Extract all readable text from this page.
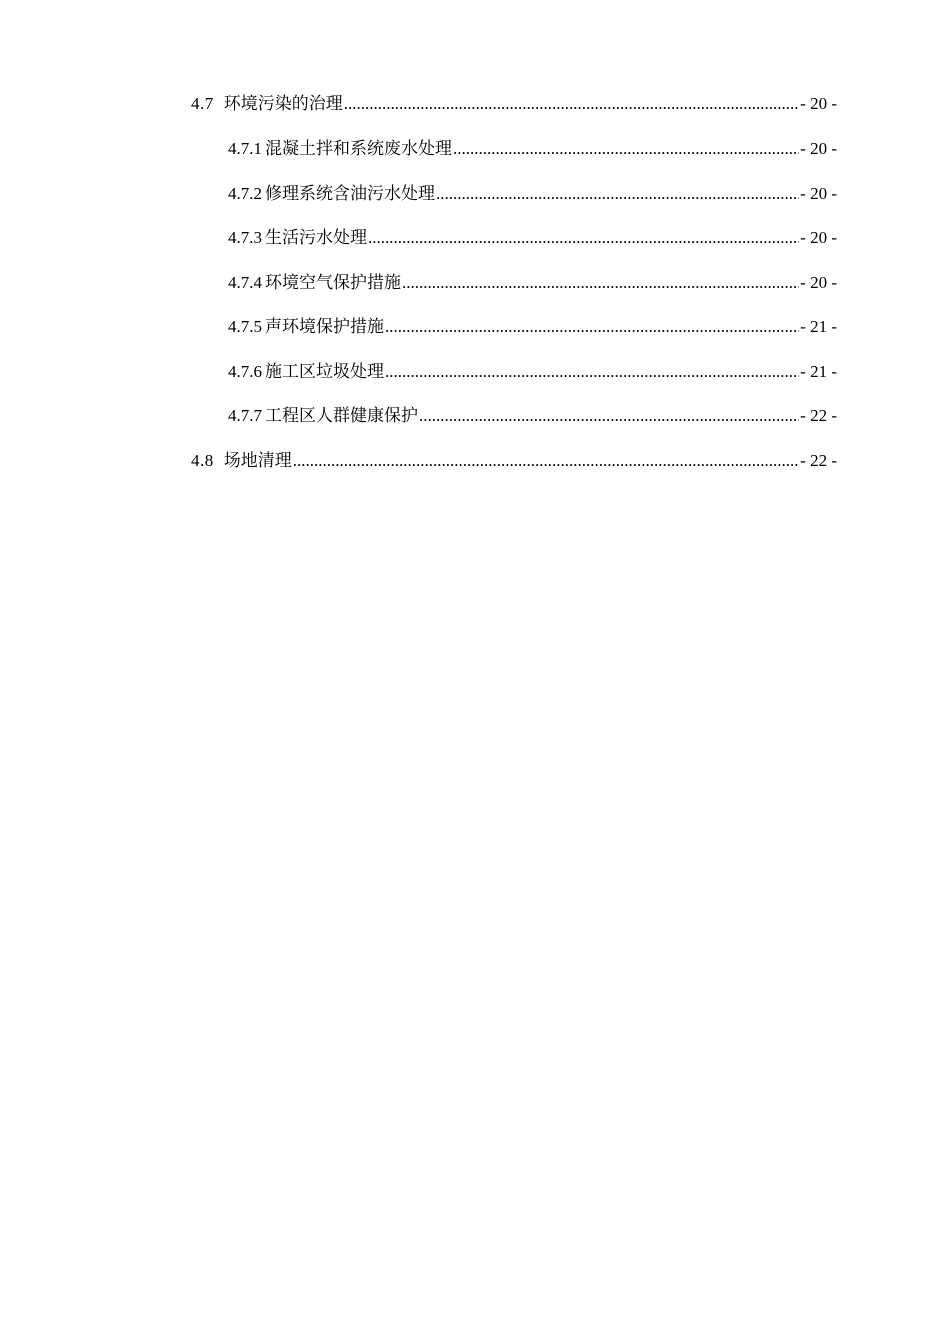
4.7 环境污染的治理 .....	- 20 -
4.7.1 混凝土拌和系统废水处理 .....	- 20 -
4.7.2 修理系统含油污水处理 .....	- 20 -
4.7.3 生活污水处理 .....	- 20 -
4.7.4 环境空气保护措施 .....	- 20 -
4.7.5 声环境保护措施 .....	- 21 -
4.7.6 施工区垃圾处理 .....	- 21 -
4.7.7 工程区人群健康保护 .....	- 22 -
4.8 场地清理 .....	- 22 -
